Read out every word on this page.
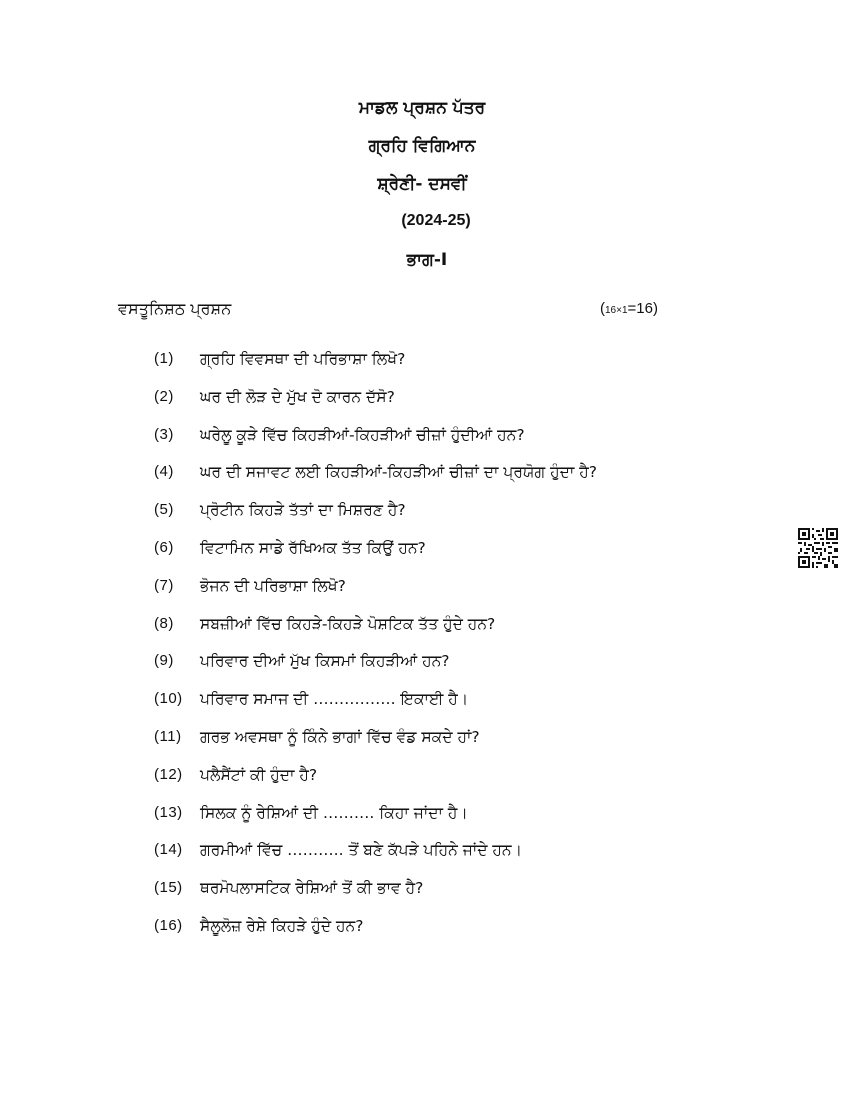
ਮਾਡਲ ਪ੍ਰਸ਼ਨ ਪੱਤਰ
ਗ੍ਰਹਿ ਵਿਗਿਆਨ
ਸ਼੍ਰੇਣੀ- ਦਸਵੀਂ
(2024-25)
ਭਾਗ-I
ਵਸਤੂਨਿਸ਼ਠ ਪ੍ਰਸ਼ਨ	(16×1=16)
(1)	ਗ੍ਰਹਿ ਵਿਵਸਥਾ ਦੀ ਪਰਿਭਾਸ਼ਾ ਲਿਖੋ?
(2)	ਘਰ ਦੀ ਲੋੜ ਦੇ ਮੁੱਖ ਦੋ ਕਾਰਨ ਦੱਸੋ?
(3)	ਘਰੇਲੂ ਕੂੜੇ ਵਿੱਚ ਕਿਹੜੀਆਂ-ਕਿਹੜੀਆਂ ਚੀਜ਼ਾਂ ਹੁੰਦੀਆਂ ਹਨ?
(4)	ਘਰ ਦੀ ਸਜਾਵਟ ਲਈ ਕਿਹੜੀਆਂ-ਕਿਹੜੀਆਂ ਚੀਜ਼ਾਂ ਦਾ ਪ੍ਰਯੋਗ ਹੁੰਦਾ ਹੈ?
(5)	ਪ੍ਰੋਟੀਨ ਕਿਹੜੇ ਤੱਤਾਂ ਦਾ ਮਿਸ਼ਰਣ ਹੈ?
(6)	ਵਿਟਾਮਿਨ ਸਾਡੇ ਰੱਖਿਅਕ ਤੱਤ ਕਿਉਂ ਹਨ?
(7)	ਭੋਜਨ ਦੀ ਪਰਿਭਾਸ਼ਾ ਲਿਖੋ?
(8)	ਸਬਜ਼ੀਆਂ ਵਿੱਚ ਕਿਹੜੇ-ਕਿਹੜੇ ਪੋਸ਼ਟਿਕ ਤੱਤ ਹੁੰਦੇ ਹਨ?
(9)	ਪਰਿਵਾਰ ਦੀਆਂ ਮੁੱਖ ਕਿਸਮਾਂ ਕਿਹੜੀਆਂ ਹਨ?
(10)	ਪਰਿਵਾਰ ਸਮਾਜ ਦੀ ……………. ਇਕਾਈ ਹੈ।
(11)	ਗਰਭ ਅਵਸਥਾ ਨੂੰ ਕਿੰਨੇ ਭਾਗਾਂ ਵਿੱਚ ਵੰਡ ਸਕਦੇ ਹਾਂ?
(12)	ਪਲੈਸੈਂਟਾਂ ਕੀ ਹੁੰਦਾ ਹੈ?
(13)	ਸਿਲਕ ਨੂੰ ਰੇਸ਼ਿਆਂ ਦੀ ………. ਕਿਹਾ ਜਾਂਦਾ ਹੈ।
(14)	ਗਰਮੀਆਂ ਵਿੱਚ ……….. ਤੋਂ ਬਣੇ ਕੱਪੜੇ ਪਹਿਨੇ ਜਾਂਦੇ ਹਨ।
(15)	ਥਰਮੋਪਲਾਸਟਿਕ ਰੇਸ਼ਿਆਂ ਤੋਂ ਕੀ ਭਾਵ ਹੈ?
(16)	ਸੈਲੂਲੋਜ਼ ਰੇਸ਼ੇ ਕਿਹੜੇ ਹੁੰਦੇ ਹਨ?
